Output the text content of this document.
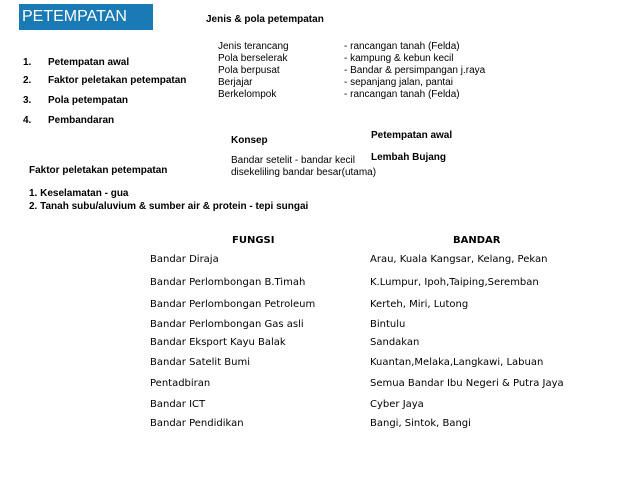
PETEMPATAN	Jenis & pola petempatan
Jenis terancang	- rancangan tanah (Felda)
Pola berselerak	- kampung & kebun kecil
Pola berpusat	- Bandar & persimpangan j.raya
Berjajar	- sepanjang jalan, pantai
Berkelompok	- rancangan tanah (Felda)
1. Petempatan awal
2. Faktor peletakan petempatan
3. Pola petempatan
4. Pembandaran
Konsep
Bandar setelit - bandar kecil
disekeliling bandar besar(utama)
Petempatan awal
Lembah Bujang
Faktor peletakan petempatan
1. Keselamatan - gua
2. Tanah subu/aluvium & sumber air & protein - tepi sungai
FUNGSI	BANDAR
Bandar Diraja	Arau, Kuala Kangsar, Kelang, Pekan
Bandar Perlombongan B.Timah	K.Lumpur, Ipoh,Taiping,Seremban
Bandar Perlombongan Petroleum	Kerteh, Miri, Lutong
Bandar Perlombongan Gas asli	Bintulu
Bandar Eksport Kayu Balak	Sandakan
Bandar Satelit Bumi	Kuantan,Melaka,Langkawi, Labuan
Pentadbiran	Semua Bandar Ibu Negeri & Putra Jaya
Bandar ICT	Cyber Jaya
Bandar Pendidikan	Bangi, Sintok, Bangi
